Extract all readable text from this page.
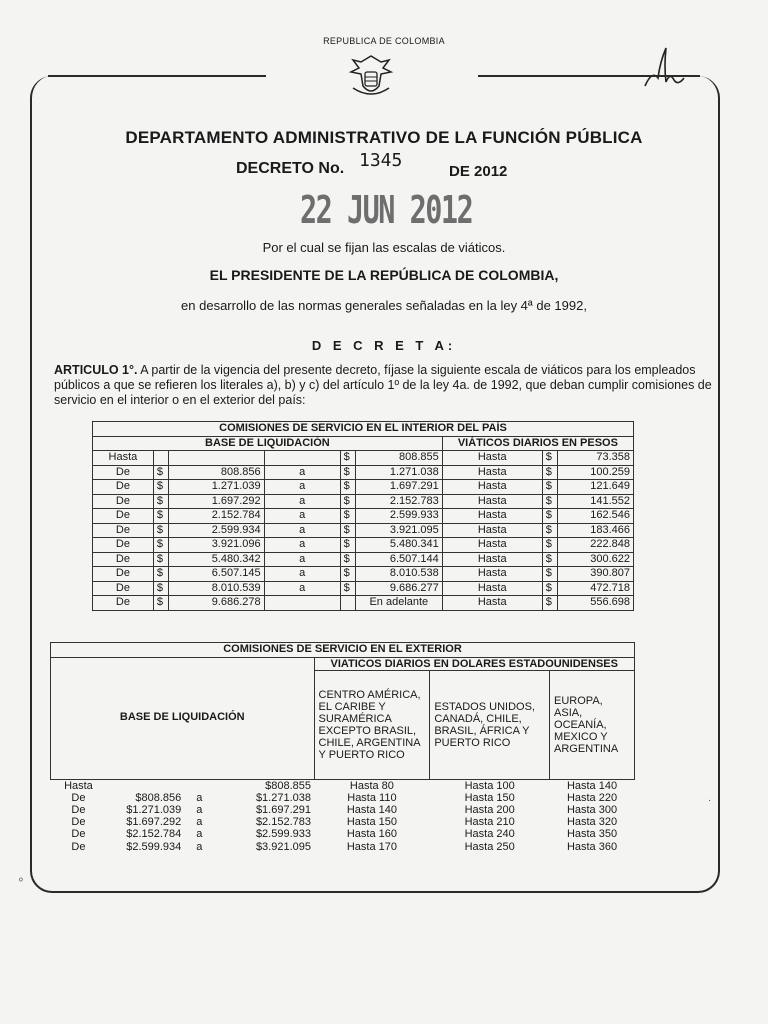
REPUBLICA DE COLOMBIA
DEPARTAMENTO ADMINISTRATIVO DE LA FUNCIÓN PÚBLICA
DECRETO No. 1345
DE 2012
22 JUN 2012
Por el cual se fijan las escalas de viáticos.
EL PRESIDENTE DE LA REPÚBLICA DE COLOMBIA,
en desarrollo de las normas generales señaladas en la ley 4ª de 1992,
D E C R E T A:
ARTICULO 1°. A partir de la vigencia del presente decreto, fíjase la siguiente escala de viáticos para los empleados públicos a que se refieren los literales a), b) y c) del artículo 1º de la ley 4a. de 1992, que deban cumplir comisiones de servicio en el interior o en el exterior del país:
COMISIONES DE SERVICIO EN EL INTERIOR DEL PAÍS								
BASE DE LIQUIDACIÓN						VIÁTICOS DIARIOS EN PESOS		
Hasta				$	808.855	Hasta	$	73.358
De	$	808.856	a	$	1.271.038	Hasta	$	100.259
De	$	1.271.039	a	$	1.697.291	Hasta	$	121.649
De	$	1.697.292	a	$	2.152.783	Hasta	$	141.552
De	$	2.152.784	a	$	2.599.933	Hasta	$	162.546
De	$	2.599.934	a	$	3.921.095	Hasta	$	183.466
De	$	3.921.096	a	$	5.480.341	Hasta	$	222.848
De	$	5.480.342	a	$	6.507.144	Hasta	$	300.622
De	$	6.507.145	a	$	8.010.538	Hasta	$	390.807
De	$	8.010.539	a	$	9.686.277	Hasta	$	472.718
De	$	9.686.278			En adelante	Hasta	$	556.698
COMISIONES DE SERVICIO EN EL EXTERIOR						
BASE DE LIQUIDACIÓN				VIATICOS DIARIOS EN DOLARES ESTADOUNIDENSES		
				CENTRO AMÉRICA, EL CARIBE Y SURAMÉRICA EXCEPTO BRASIL, CHILE, ARGENTINA Y PUERTO RICO	ESTADOS UNIDOS, CANADÁ, CHILE, BRASIL, ÁFRICA Y PUERTO RICO	EUROPA, ASIA, OCEANÍA, MEXICO Y ARGENTINA
Hasta			$808.855	Hasta 80	Hasta 100	Hasta 140
De	$808.856	a	$1.271.038	Hasta 110	Hasta 150	Hasta 220
De	$1.271.039	a	$1.697.291	Hasta 140	Hasta 200	Hasta 300
De	$1.697.292	a	$2.152.783	Hasta 150	Hasta 210	Hasta 320
De	$2.152.784	a	$2.599.933	Hasta 160	Hasta 240	Hasta 350
De	$2.599.934	a	$3.921.095	Hasta 170	Hasta 250	Hasta 360
·
⸰
